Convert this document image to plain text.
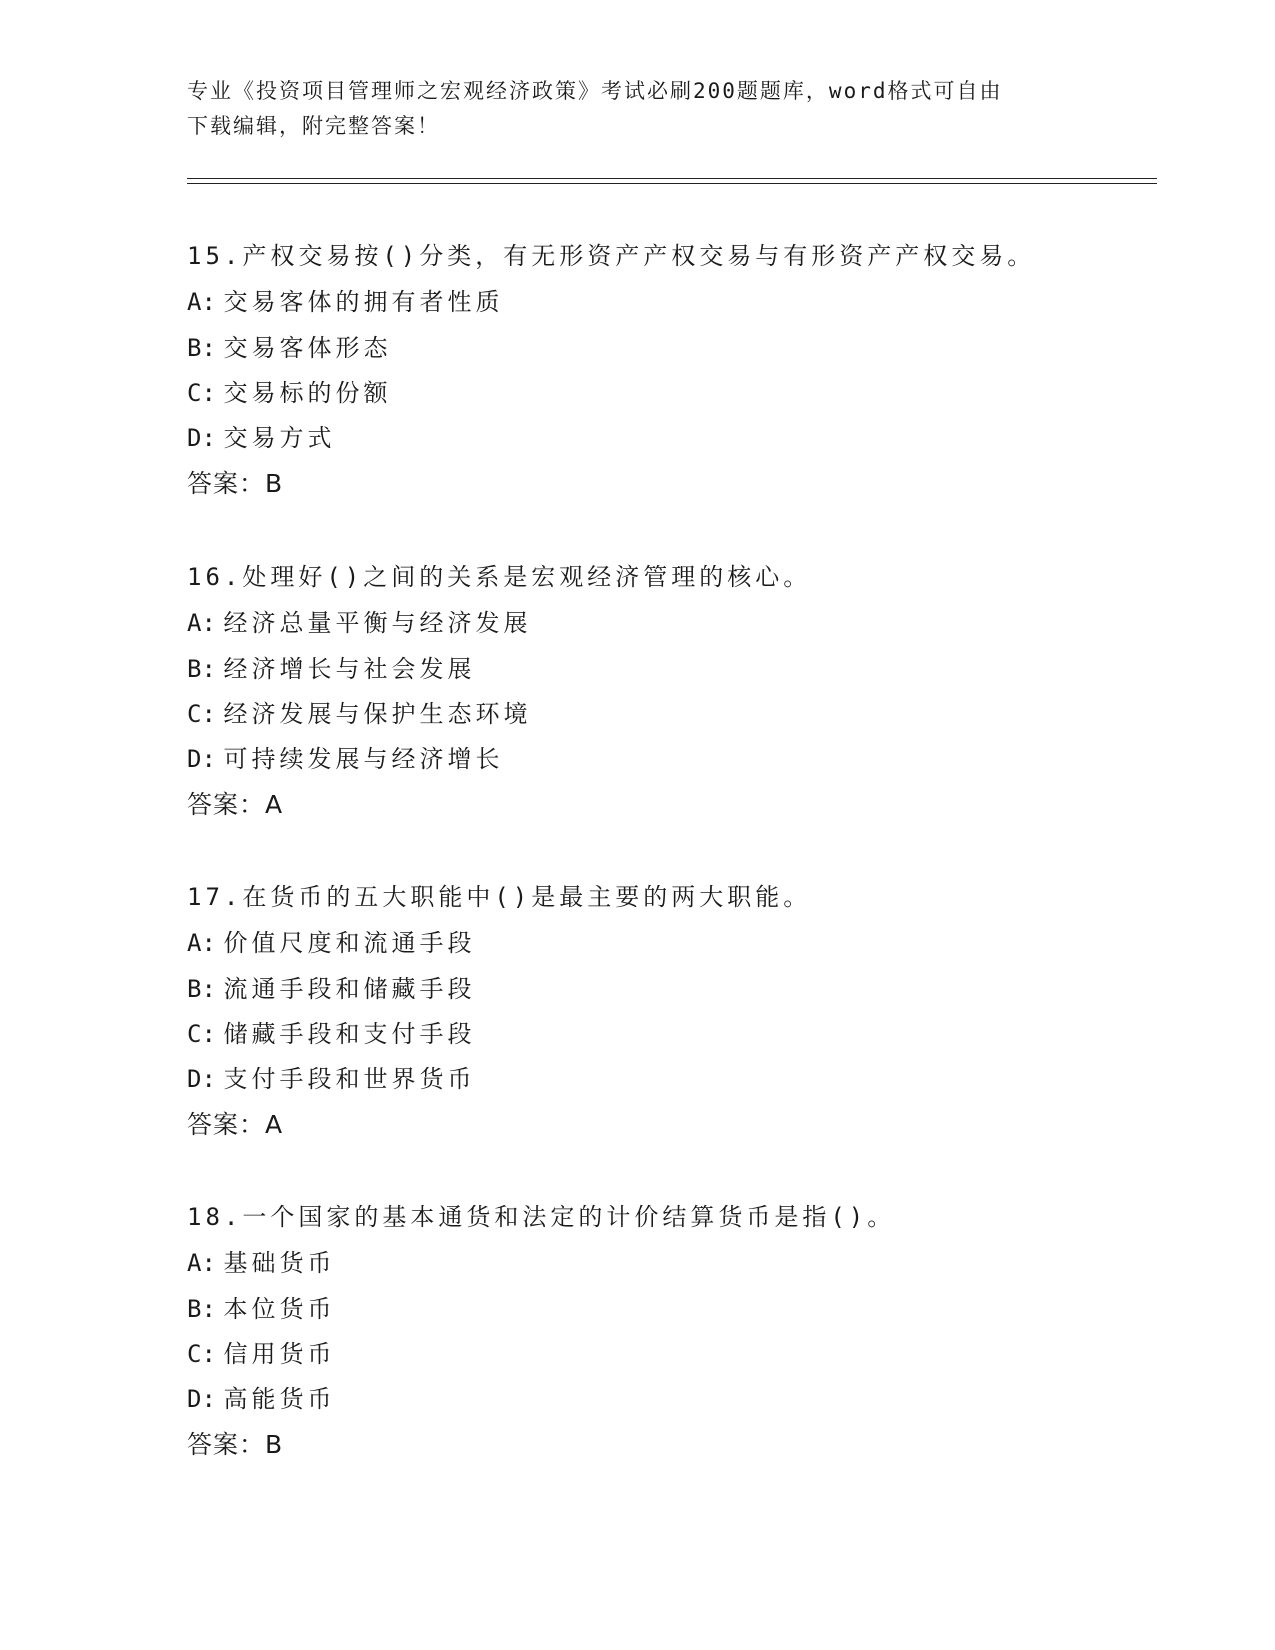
专业《投资项目管理师之宏观经济政策》考试必刷200题题库，word格式可自由
下载编辑，附完整答案！
15.产权交易按()分类，有无形资产产权交易与有形资产产权交易。
A: 交易客体的拥有者性质
B: 交易客体形态
C: 交易标的份额
D: 交易方式
答案：B
16.处理好()之间的关系是宏观经济管理的核心。
A: 经济总量平衡与经济发展
B: 经济增长与社会发展
C: 经济发展与保护生态环境
D: 可持续发展与经济增长
答案：A
17.在货币的五大职能中()是最主要的两大职能。
A: 价值尺度和流通手段
B: 流通手段和储藏手段
C: 储藏手段和支付手段
D: 支付手段和世界货币
答案：A
18.一个国家的基本通货和法定的计价结算货币是指()。
A: 基础货币
B: 本位货币
C: 信用货币
D: 高能货币
答案：B
